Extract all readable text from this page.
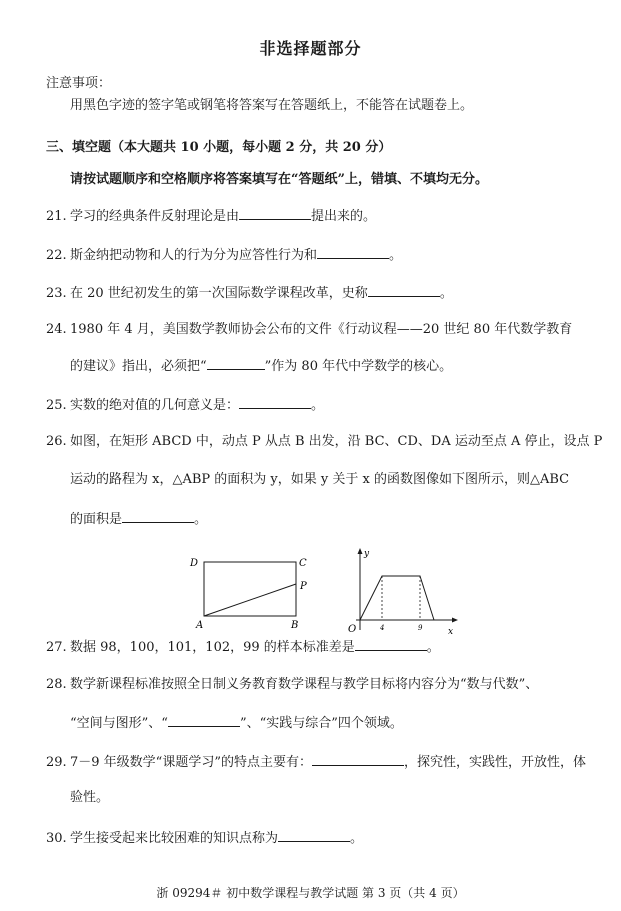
非选择题部分
注意事项：
用黑色字迹的签字笔或钢笔将答案写在答题纸上，不能答在试题卷上。
三、填空题（本大题共 10 小题，每小题 2 分，共 20 分）
请按试题顺序和空格顺序将答案填写在“答题纸”上，错填、不填均无分。
21. 学习的经典条件反射理论是由	提出来的。
22. 斯金纳把动物和人的行为分为应答性行为和	。
23. 在 20 世纪初发生的第一次国际数学课程改革，史称	。
24. 1980 年 4 月，美国数学教师协会公布的文件《行动议程——20 世纪 80 年代数学教育
的建议》指出，必须把“	”作为 80 年代中学数学的核心。
25. 实数的绝对值的几何意义是：	。
26. 如图，在矩形 ABCD 中，动点 P 从点 B 出发，沿 BC、CD、DA 运动至点 A 停止，设点 P
运动的路程为 x，△ABP 的面积为 y，如果 y 关于 x 的函数图像如下图所示，则△ABC
的面积是	。
D	C
P
A	B
y
x
O	4	9
27. 数据 98，100，101，102，99 的样本标准差是	。
28. 数学新课程标准按照全日制义务教育数学课程与教学目标将内容分为“数与代数”、
“空间与图形”、“	”、“实践与综合”四个领域。
29. 7－9 年级数学“课题学习”的特点主要有：	，探究性，实践性，开放性，体
验性。
30. 学生接受起来比较困难的知识点称为	。
浙 09294＃ 初中数学课程与教学试题 第 3 页（共 4 页）
